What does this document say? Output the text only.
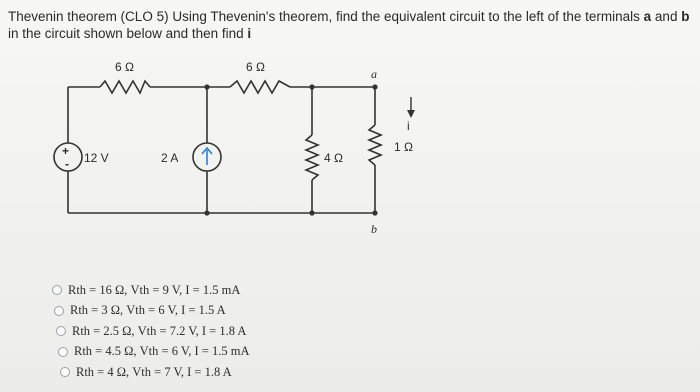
Thevenin theorem (CLO 5) Using Thevenin's theorem, find the equivalent circuit to the left of the terminals a and b
in the circuit shown below and then find i
6 Ω	6 Ω
12 V	2 A	4 Ω
1 Ω
a
b
i
+
-
Rth = 16 Ω, Vth = 9 V, I = 1.5 mA
Rth = 3 Ω, Vth = 6 V, I = 1.5 A
Rth = 2.5 Ω, Vth = 7.2 V, I = 1.8 A
Rth = 4.5 Ω, Vth = 6 V, I = 1.5 mA
Rth = 4 Ω, Vth = 7 V, I = 1.8 A
